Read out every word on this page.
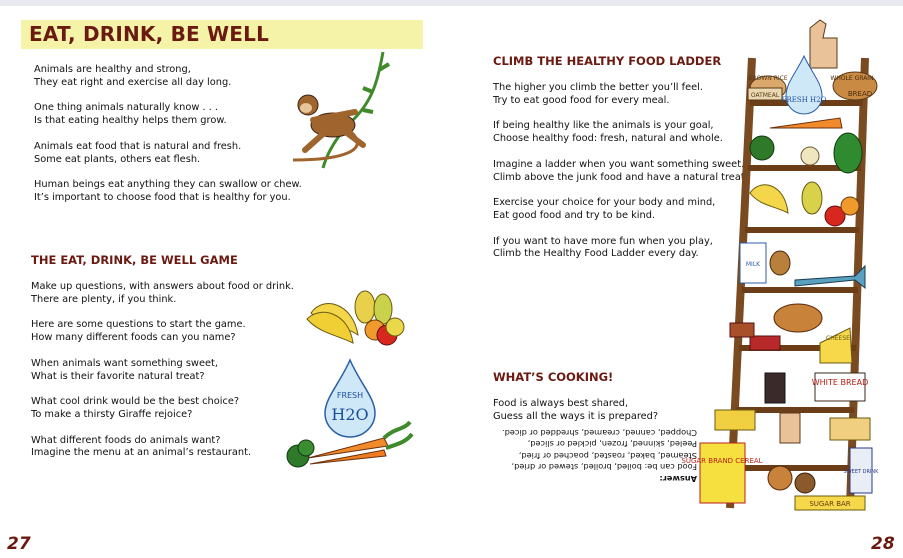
EAT, DRINK, BE WELL

Animals are healthy and strong,
They eat right and exercise all day long.

One thing animals naturally know . . .
Is that eating healthy helps them grow.

Animals eat food that is natural and fresh.
Some eat plants, others eat flesh.

Human beings eat anything they can swallow or chew.
It’s important to choose food that is healthy for you.

THE EAT, DRINK, BE WELL GAME

Make up questions, with answers about food or drink.
There are plenty, if you think.

Here are some questions to start the game.
How many different foods can you name?

When animals want something sweet,
What is their favorite natural treat?

What cool drink would be the best choice?
To make a thirsty Giraffe rejoice?

What different foods do animals want?
Imagine the menu at an animal’s restaurant.

FRESH
H2O
27
CLIMB THE HEALTHY FOOD LADDER

The higher you climb the better you’ll feel.
Try to eat good food for every meal.

If being healthy like the animals is your goal,
Choose healthy food: fresh, natural and whole.

Imagine a ladder when you want something sweet.
Climb above the junk food and have a natural treat.

Exercise your choice for your body and mind,
Eat good food and try to be kind.

If you want to have more fun when you play,
Climb the Healthy Food Ladder every day.

WHAT’S COOKING!

Food is always best shared,
Guess all the ways it is prepared?

Answer:

Food can be: boiled, broiled, stewed or dried,

Steamed, baked, roasted, poached or fried,

Peeled, skinned, frozen, pickled or sliced,

Chopped, canned, creamed, shredded or diced.

BROWN RICE
OATMEAL
FRESH H2O
WHOLE GRAIN
BREAD
MILK
CHEESE
WHITE BREAD
SUGAR BRAND CEREAL
SWEET DRINK
SUGAR BAR
28
